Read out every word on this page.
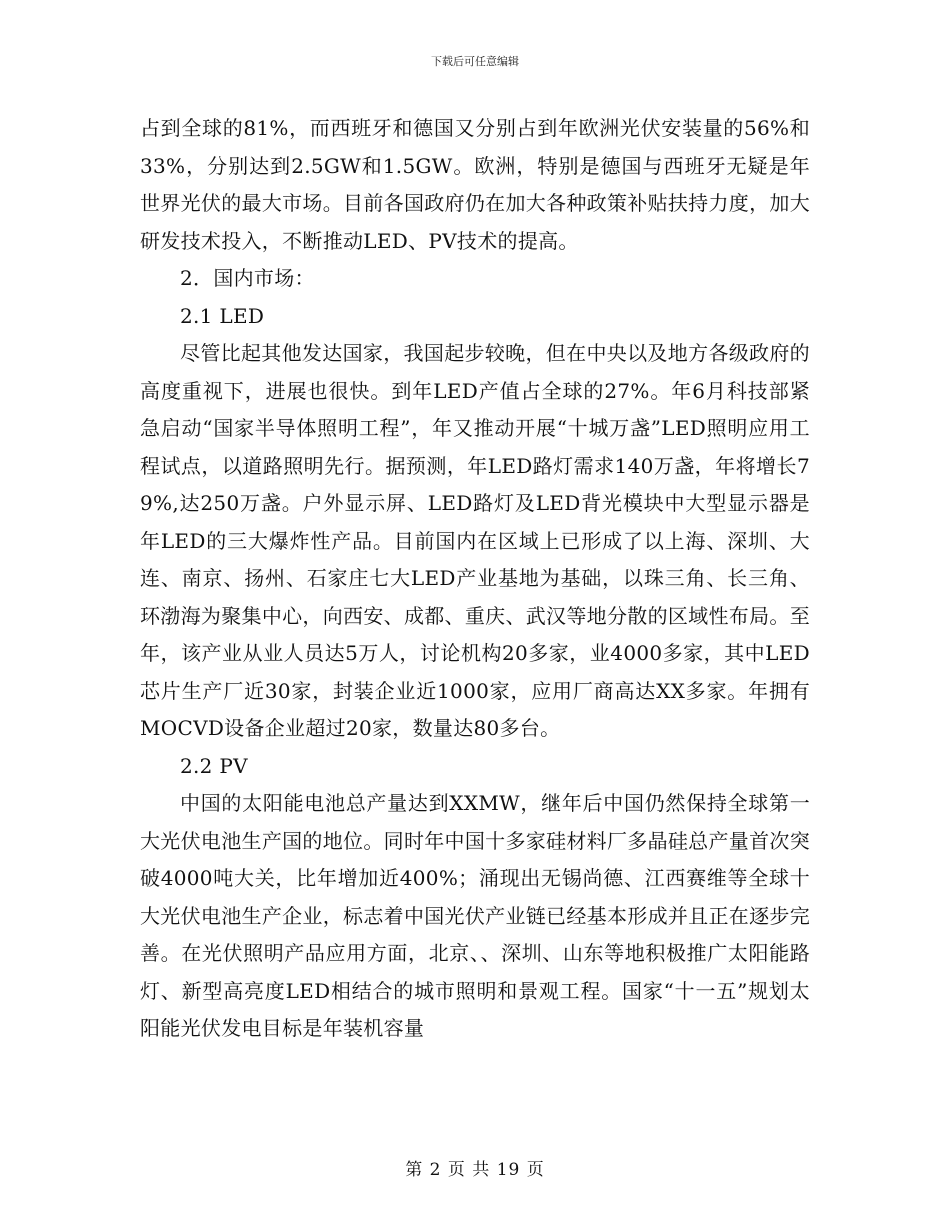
下载后可任意编辑

占到全球的81%，而西班牙和德国又分别占到年欧洲光伏安装量的56%和33%，分别达到2.5GW和1.5GW。欧洲，特别是德国与西班牙无疑是年世界光伏的最大市场。目前各国政府仍在加大各种政策补贴扶持力度，加大研发技术投入，不断推动LED、PV技术的提高。

2．国内市场：

2.1 LED

尽管比起其他发达国家，我国起步较晚，但在中央以及地方各级政府的高度重视下，进展也很快。到年LED产值占全球的27%。年6月科技部紧急启动“国家半导体照明工程”，年又推动开展“十城万盏”LED照明应用工程试点，以道路照明先行。据预测，年LED路灯需求140万盏，年将增长79%,达250万盏。户外显示屏、LED路灯及LED背光模块中大型显示器是年LED的三大爆炸性产品。目前国内在区域上已形成了以上海、深圳、大连、南京、扬州、石家庄七大LED产业基地为基础，以珠三角、长三角、环渤海为聚集中心，向西安、成都、重庆、武汉等地分散的区域性布局。至年，该产业从业人员达5万人，讨论机构20多家，业4000多家，其中LED芯片生产厂近30家，封装企业近1000家，应用厂商高达XX多家。年拥有MOCVD设备企业超过20家，数量达80多台。

2.2 PV

中国的太阳能电池总产量达到XXMW，继年后中国仍然保持全球第一大光伏电池生产国的地位。同时年中国十多家硅材料厂多晶硅总产量首次突破4000吨大关，比年增加近400%；涌现出无锡尚德、江西赛维等全球十大光伏电池生产企业，标志着中国光伏产业链已经基本形成并且正在逐步完善。在光伏照明产品应用方面，北京、、深圳、山东等地积极推广太阳能路灯、新型高亮度LED相结合的城市照明和景观工程。国家“十一五”规划太阳能光伏发电目标是年装机容量

第 2 页 共 19 页
